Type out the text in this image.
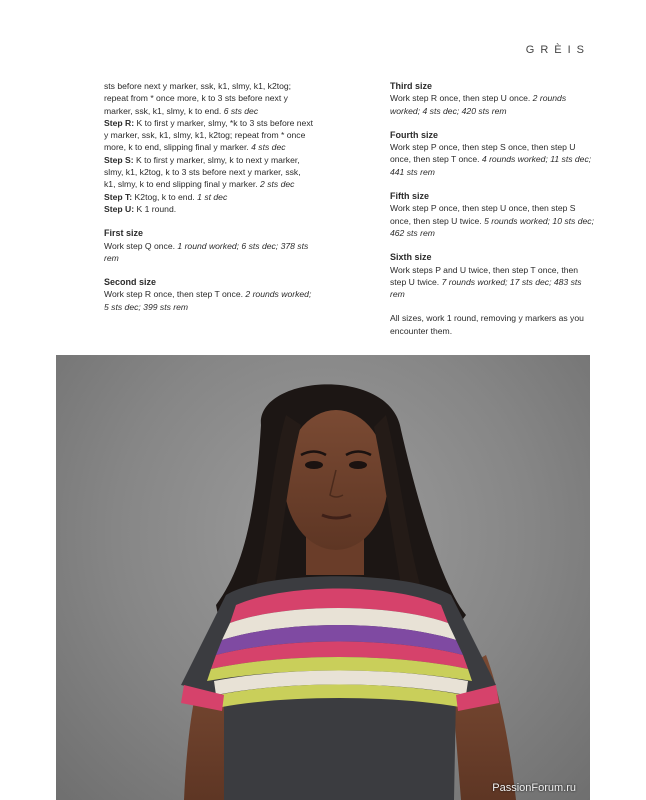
GRÈIS

sts before next y marker, ssk, k1, slmy, k1, k2tog; repeat from * once more, k to 3 sts before next y marker, ssk, k1, slmy, k to end. 6 sts dec

Step R: K to first y marker, slmy, *k to 3 sts before next y marker, ssk, k1, slmy, k1, k2tog; repeat from * once more, k to end, slipping final y marker. 4 sts dec

Step S: K to first y marker, slmy, k to next y marker, slmy, k1, k2tog, k to 3 sts before next y marker, ssk, k1, slmy, k to end slipping final y marker. 2 sts dec

Step T: K2tog, k to end. 1 st dec

Step U: K 1 round.

First size

Work step Q once. 1 round worked; 6 sts dec; 378 sts rem

Second size

Work step R once, then step T once. 2 rounds worked; 5 sts dec; 399 sts rem

Third size

Work step R once, then step U once. 2 rounds worked; 4 sts dec; 420 sts rem

Fourth size

Work step P once, then step S once, then step U once, then step T once. 4 rounds worked; 11 sts dec; 441 sts rem

Fifth size

Work step P once, then step U once, then step S once, then step U twice. 5 rounds worked; 10 sts dec; 462 sts rem

Sixth size

Work steps P and U twice, then step T once, then step U twice. 7 rounds worked; 17 sts dec; 483 sts rem

All sizes, work 1 round, removing y markers as you encounter them.

PassionForum.ru
